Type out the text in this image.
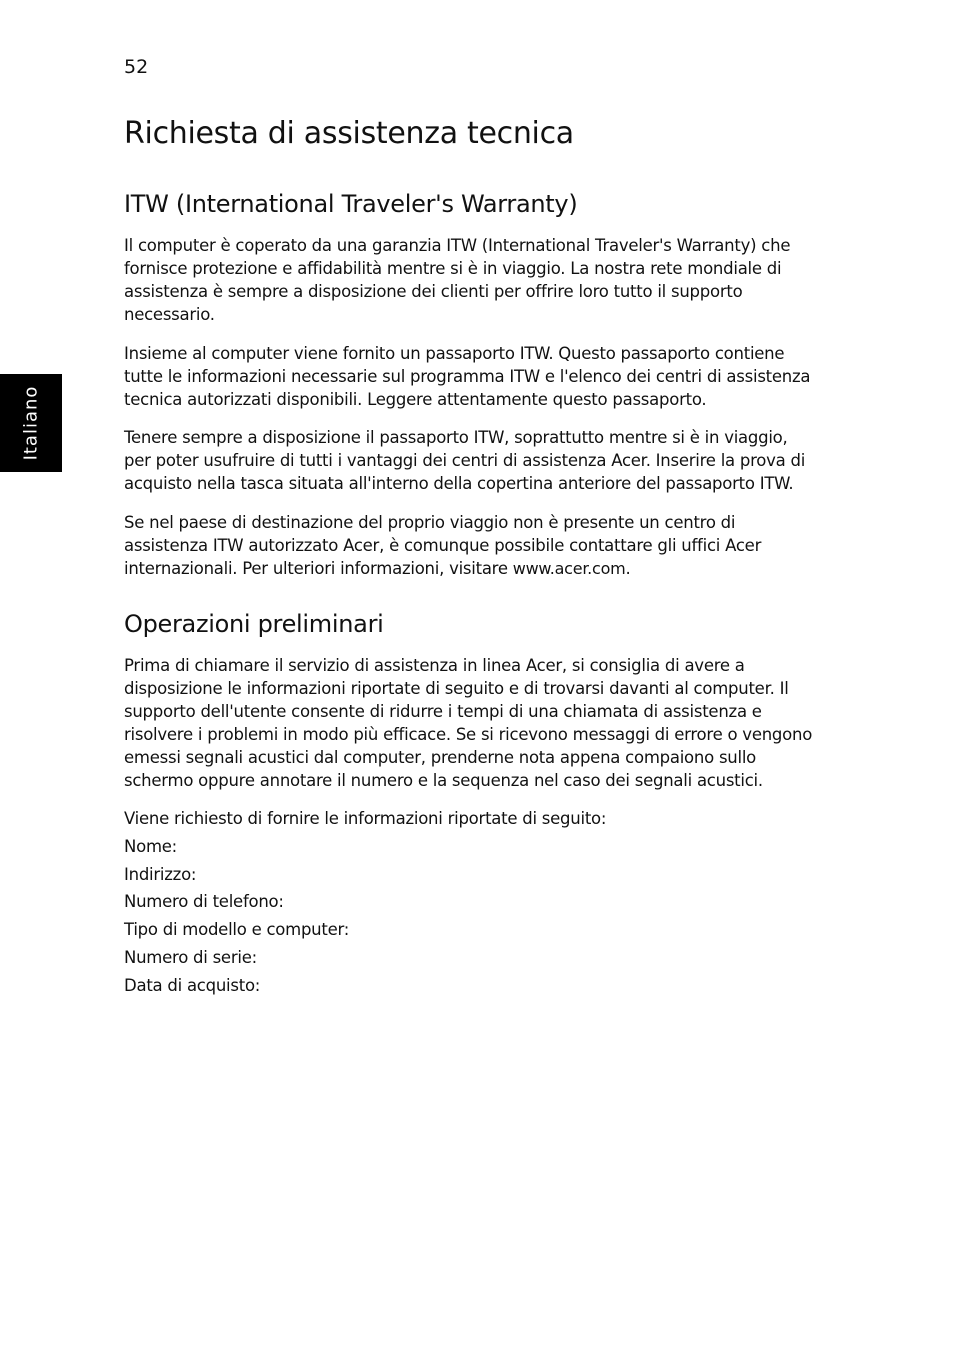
52
Italiano
Richiesta di assistenza tecnica
ITW (International Traveler's Warranty)

Il computer è coperato da una garanzia ITW (International Traveler's Warranty) che fornisce protezione e affidabilità mentre si è in viaggio. La nostra rete mondiale di assistenza è sempre a disposizione dei clienti per offrire loro tutto il supporto necessario.

Insieme al computer viene fornito un passaporto ITW. Questo passaporto contiene tutte le informazioni necessarie sul programma ITW e l'elenco dei centri di assistenza tecnica autorizzati disponibili. Leggere attentamente questo passaporto.

Tenere sempre a disposizione il passaporto ITW, soprattutto mentre si è in viaggio, per poter usufruire di tutti i vantaggi dei centri di assistenza Acer. Inserire la prova di acquisto nella tasca situata all'interno della copertina anteriore del passaporto ITW.

Se nel paese di destinazione del proprio viaggio non è presente un centro di assistenza ITW autorizzato Acer, è comunque possibile contattare gli uffici Acer internazionali. Per ulteriori informazioni, visitare www.acer.com.

Operazioni preliminari

Prima di chiamare il servizio di assistenza in linea Acer, si consiglia di avere a disposizione le informazioni riportate di seguito e di trovarsi davanti al computer. Il supporto dell'utente consente di ridurre i tempi di una chiamata di assistenza e risolvere i problemi in modo più efficace. Se si ricevono messaggi di errore o vengono emessi segnali acustici dal computer, prenderne nota appena compaiono sullo schermo oppure annotare il numero e la sequenza nel caso dei segnali acustici.

Viene richiesto di fornire le informazioni riportate di seguito:

Nome:
Indirizzo:
Numero di telefono:
Tipo di modello e computer:
Numero di serie:
Data di acquisto:
